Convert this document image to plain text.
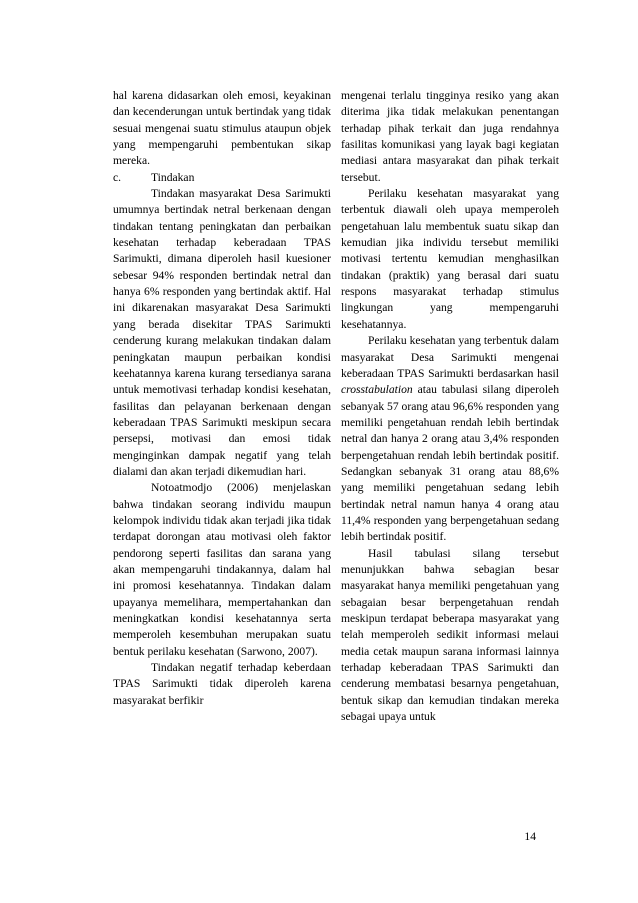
hal karena didasarkan oleh emosi, keyakinan dan kecenderungan untuk bertindak yang tidak sesuai mengenai suatu stimulus ataupun objek yang mempengaruhi pembentukan sikap mereka.

c.	Tindakan

Tindakan masyarakat Desa Sarimukti umumnya bertindak netral berkenaan dengan tindakan tentang peningkatan dan perbaikan kesehatan terhadap keberadaan TPAS Sarimukti, dimana diperoleh hasil kuesioner sebesar 94% responden bertindak netral dan hanya 6% responden yang bertindak aktif. Hal ini dikarenakan masyarakat Desa Sarimukti yang berada disekitar TPAS Sarimukti cenderung kurang melakukan tindakan dalam peningkatan maupun perbaikan kondisi keehatannya karena kurang tersedianya sarana untuk memotivasi terhadap kondisi kesehatan, fasilitas dan pelayanan berkenaan dengan keberadaan TPAS Sarimukti meskipun secara persepsi, motivasi dan emosi tidak menginginkan dampak negatif yang telah dialami dan akan terjadi dikemudian hari.

Notoatmodjo (2006) menjelaskan bahwa tindakan seorang individu maupun kelompok individu tidak akan terjadi jika tidak terdapat dorongan atau motivasi oleh faktor pendorong seperti fasilitas dan sarana yang akan mempengaruhi tindakannya, dalam hal ini promosi kesehatannya. Tindakan dalam upayanya memelihara, mempertahankan dan meningkatkan kondisi kesehatannya serta memperoleh kesembuhan merupakan suatu bentuk perilaku kesehatan (Sarwono, 2007).

Tindakan negatif terhadap keberdaan TPAS Sarimukti tidak diperoleh karena masyarakat berfikir

mengenai terlalu tingginya resiko yang akan diterima jika tidak melakukan penentangan terhadap pihak terkait dan juga rendahnya fasilitas komunikasi yang layak bagi kegiatan mediasi antara masyarakat dan pihak terkait tersebut.

Perilaku kesehatan masyarakat yang terbentuk diawali oleh upaya memperoleh pengetahuan lalu membentuk suatu sikap dan kemudian jika individu tersebut memiliki motivasi tertentu kemudian menghasilkan tindakan (praktik) yang berasal dari suatu respons masyarakat terhadap stimulus lingkungan yang mempengaruhi kesehatannya.

Perilaku kesehatan yang terbentuk dalam masyarakat Desa Sarimukti mengenai keberadaan TPAS Sarimukti berdasarkan hasil crosstabulation atau tabulasi silang diperoleh sebanyak 57 orang atau 96,6% responden yang memiliki pengetahuan rendah lebih bertindak netral dan hanya 2 orang atau 3,4% responden berpengetahuan rendah lebih bertindak positif. Sedangkan sebanyak 31 orang atau 88,6% yang memiliki pengetahuan sedang lebih bertindak netral namun hanya 4 orang atau 11,4% responden yang berpengetahuan sedang lebih bertindak positif.

Hasil tabulasi silang tersebut menunjukkan bahwa sebagian besar masyarakat hanya memiliki pengetahuan yang sebagaian besar berpengetahuan rendah meskipun terdapat beberapa masyarakat yang telah memperoleh sedikit informasi melaui media cetak maupun sarana informasi lainnya terhadap keberadaan TPAS Sarimukti dan cenderung membatasi besarnya pengetahuan, bentuk sikap dan kemudian tindakan mereka sebagai upaya untuk

14
